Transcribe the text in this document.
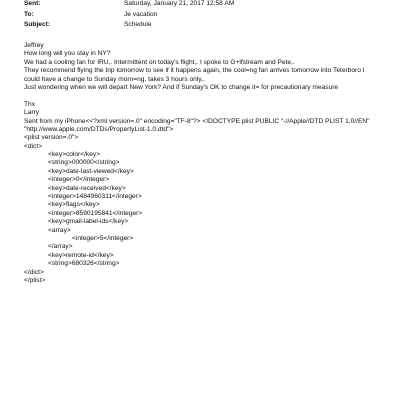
Sent:	Saturday, January 21, 2017 12:58 AM
To:	Je vacation
Subject:	Schedule
Jeffrey
How long will you stay in NY?
We had a cooling fan for IRU,. Intermittent on today's flight,. I spoke to G+lfstream and Pete,.
They recommend flying the trip tomorrow to see if it happens again, the cool=ng fan arrives tomorrow into Teterboro I
could have a change to Sunday morn=ng, takes 3 hours only,.
Just wondering when we will depart New York? And if Sunday's OK to change it= for precautionary measure
Thx
Larry
Sent from my iPhone<<?xml version=.0" encoding="TF-8"?> <!DOCTYPE plist PUBLIC "-//Apple//DTD PLIST 1.0//EN"
"http://www.apple.com/DTDs/PropertyList-1.0.dtd">
<plist version=.0">
<dict>
<key>color</key>
<string>000000</string>
<key>date-last-viewed</key>
<integer>0</integer>
<key>date-received</key>
<integer>1484960311</integer>
<key>flags</key>
<integer>8590195841</integer>
<key>gmail-label-ids</key>
<array>
<integer>5</integer>
</array>
<key>remote-id</key>
<string>680326</string>
</dict>
</plist>
